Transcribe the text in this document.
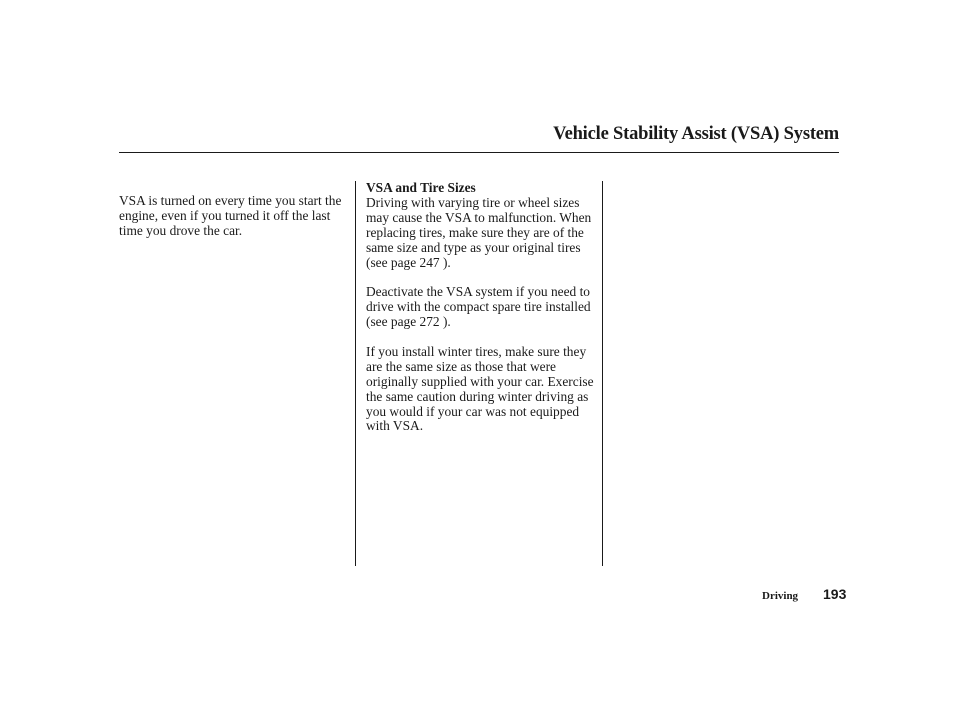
Vehicle Stability Assist (VSA) System

VSA is turned on every time you start the engine, even if you turned it off the last time you drove the car.

VSA and Tire Sizes

Driving with varying tire or wheel sizes may cause the VSA to malfunction. When replacing tires, make sure they are of the same size and type as your original tires (see page 247 ).

Deactivate the VSA system if you need to drive with the compact spare tire installed (see page 272 ).

If you install winter tires, make sure they are the same size as those that were originally supplied with your car. Exercise the same caution during winter driving as you would if your car was not equipped with VSA.

Driving 193
